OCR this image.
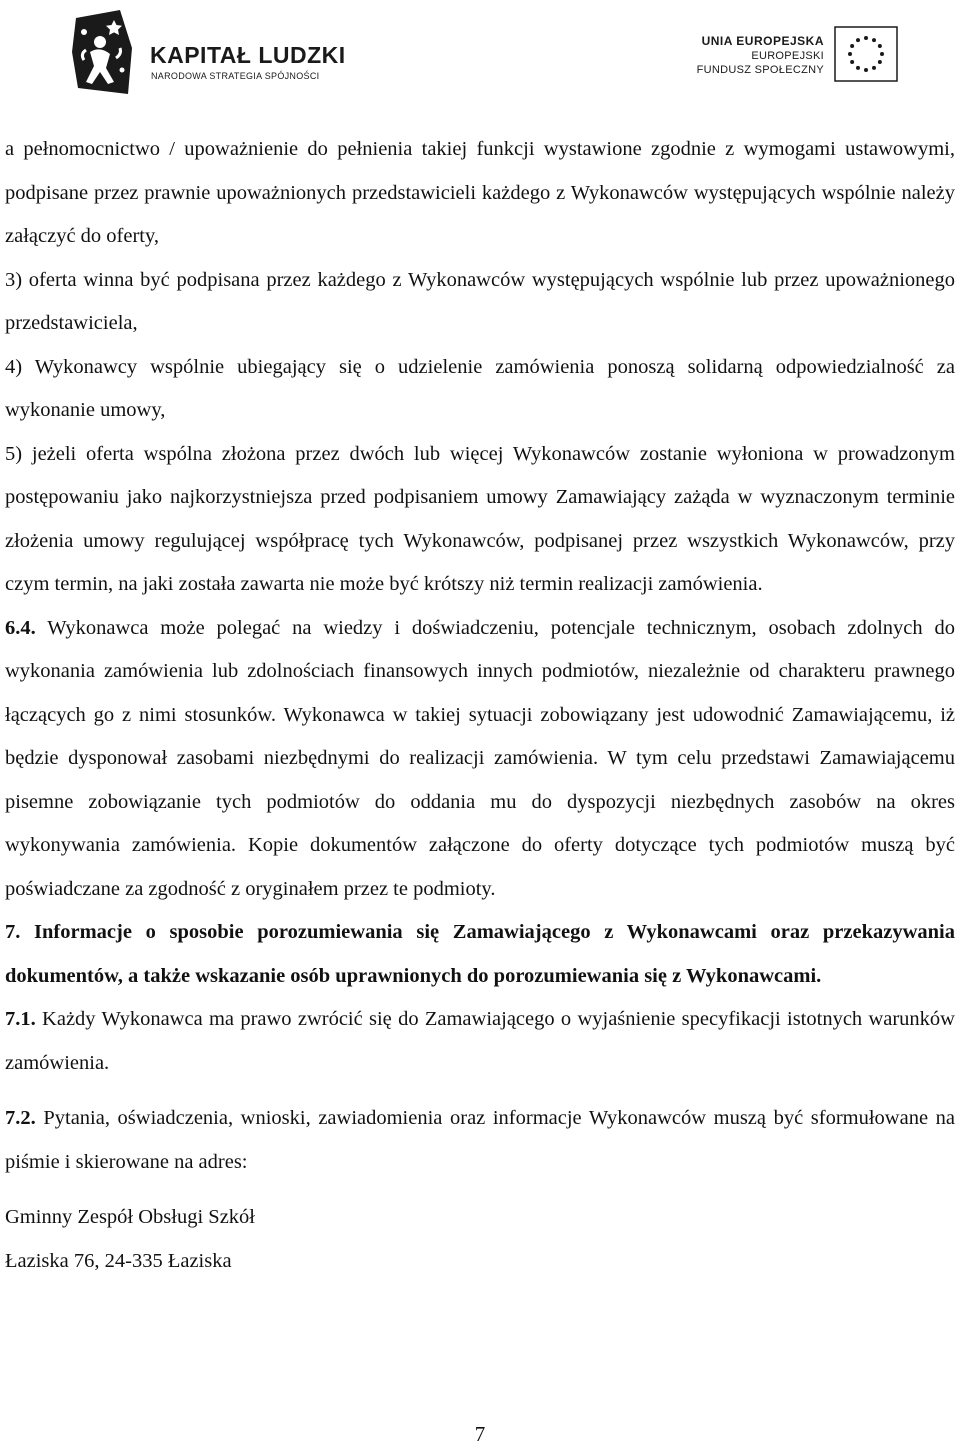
KAPITAŁ LUDZKI
NARODOWA STRATEGIA SPÓJNOŚCI
UNIA EUROPEJSKA
EUROPEJSKI
FUNDUSZ SPOŁECZNY

a pełnomocnictwo / upoważnienie do pełnienia takiej funkcji wystawione zgodnie z wymogami ustawowymi, podpisane przez prawnie upoważnionych przedstawicieli każdego z Wykonawców występujących wspólnie należy załączyć do oferty,

3) oferta winna być podpisana przez każdego z Wykonawców występujących wspólnie lub przez upoważnionego przedstawiciela,

4) Wykonawcy wspólnie ubiegający się o udzielenie zamówienia ponoszą solidarną odpowiedzialność za wykonanie umowy,

5) jeżeli oferta wspólna złożona przez dwóch lub więcej Wykonawców zostanie wyłoniona w prowadzonym postępowaniu jako najkorzystniejsza przed podpisaniem umowy Zamawiający zażąda w wyznaczonym terminie złożenia umowy regulującej współpracę tych Wykonawców, podpisanej przez wszystkich Wykonawców, przy czym termin, na jaki została zawarta nie może być krótszy niż termin realizacji zamówienia.

6.4. Wykonawca może polegać na wiedzy i doświadczeniu, potencjale technicznym, osobach zdolnych do wykonania zamówienia lub zdolnościach finansowych innych podmiotów, niezależnie od charakteru prawnego łączących go z nimi stosunków. Wykonawca w takiej sytuacji zobowiązany jest udowodnić Zamawiającemu, iż będzie dysponował zasobami niezbędnymi do realizacji zamówienia. W tym celu przedstawi Zamawiającemu pisemne zobowiązanie tych podmiotów do oddania mu do dyspozycji niezbędnych zasobów na okres wykonywania zamówienia. Kopie dokumentów załączone do oferty dotyczące tych podmiotów muszą być poświadczane za zgodność z oryginałem przez te podmioty.

7. Informacje o sposobie porozumiewania się Zamawiającego z Wykonawcami oraz przekazywania dokumentów, a także wskazanie osób uprawnionych do porozumiewania się z Wykonawcami.

7.1. Każdy Wykonawca ma prawo zwrócić się do Zamawiającego o wyjaśnienie specyfikacji istotnych warunków zamówienia.

7.2. Pytania, oświadczenia, wnioski, zawiadomienia oraz informacje Wykonawców muszą być sformułowane na piśmie i skierowane na adres:

Gminny Zespół Obsługi Szkół

Łaziska 76, 24-335 Łaziska

7
